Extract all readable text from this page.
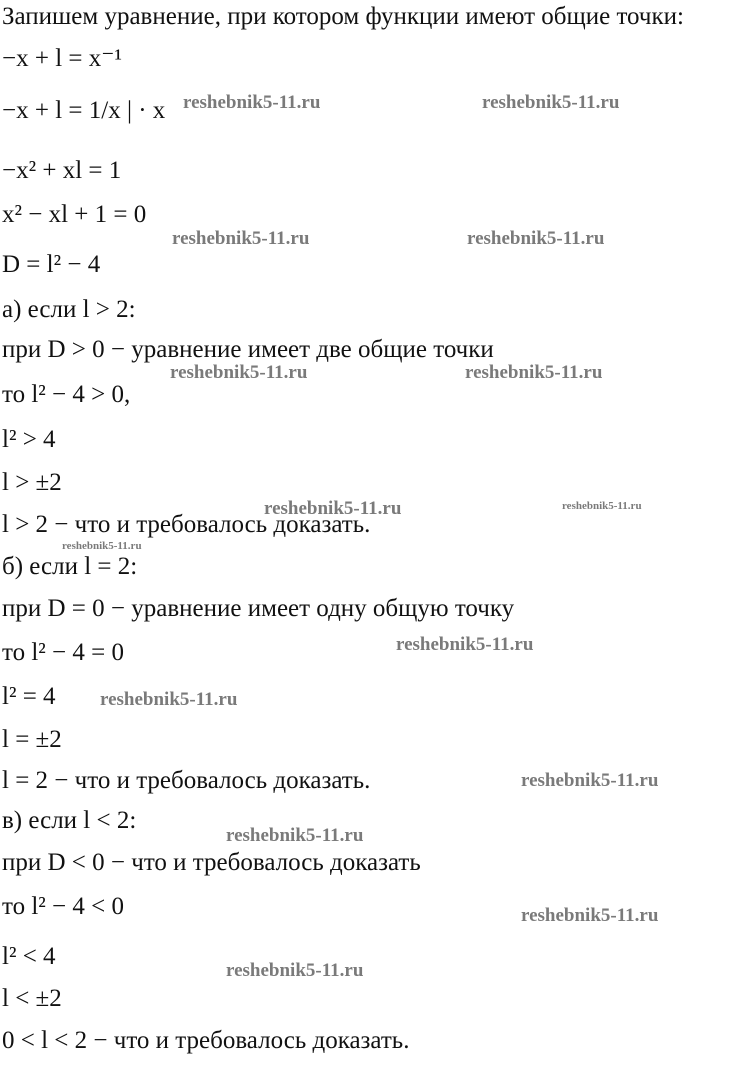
Запишем уравнение, при котором функции имеют общие точки:
−x + l = x⁻¹
−x + l = 1/x | · x
−x² + xl = 1
x² − xl + 1 = 0
D = l² − 4
а) если l > 2:
при D > 0 − уравнение имеет две общие точки
то l² − 4 > 0,
l² > 4
l > ±2
l > 2 − что и требовалось доказать.
б) если l = 2:
при D = 0 − уравнение имеет одну общую точку
то l² − 4 = 0
l² = 4
l = ±2
l = 2 − что и требовалось доказать.
в) если l < 2:
при D < 0 − что и требовалось доказать
то l² − 4 < 0
l² < 4
l < ±2
0 < l < 2 − что и требовалось доказать.
reshebnik5-11.ru	reshebnik5-11.ru
reshebnik5-11.ru	reshebnik5-11.ru
reshebnik5-11.ru	reshebnik5-11.ru
reshebnik5-11.ru	reshebnik5-11.ru
reshebnik5-11.ru
reshebnik5-11.ru
reshebnik5-11.ru
reshebnik5-11.ru
reshebnik5-11.ru
reshebnik5-11.ru
reshebnik5-11.ru
